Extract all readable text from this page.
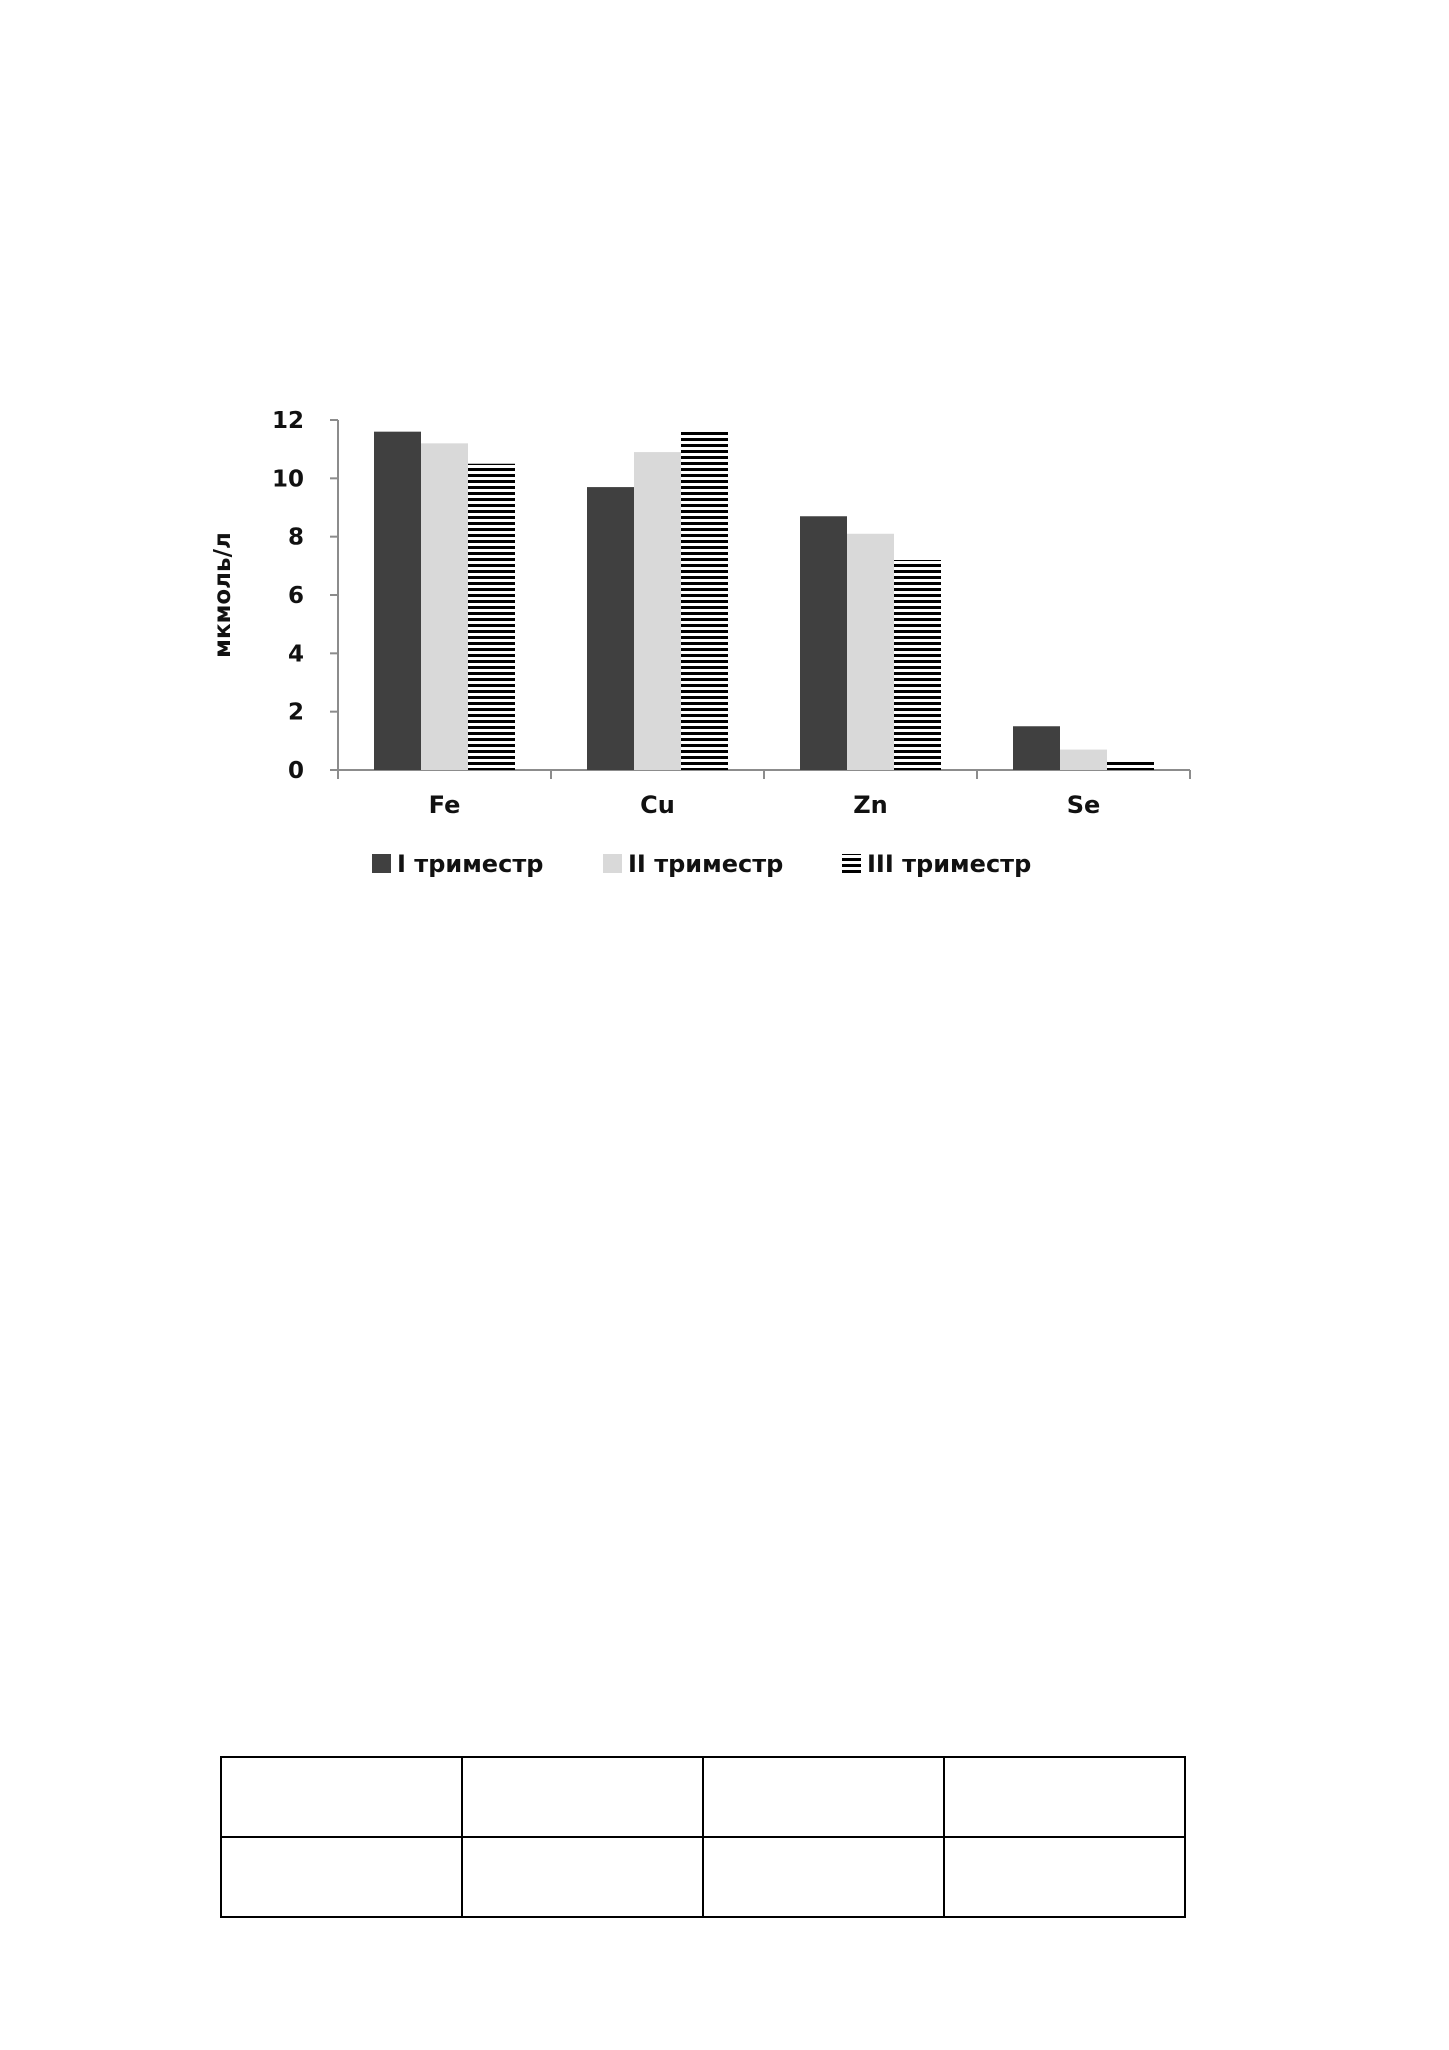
0
2
4
6
8
10
12
мкмоль/л
Fe	Cu	Zn	Se
I триместр	II триместр	III триместр
